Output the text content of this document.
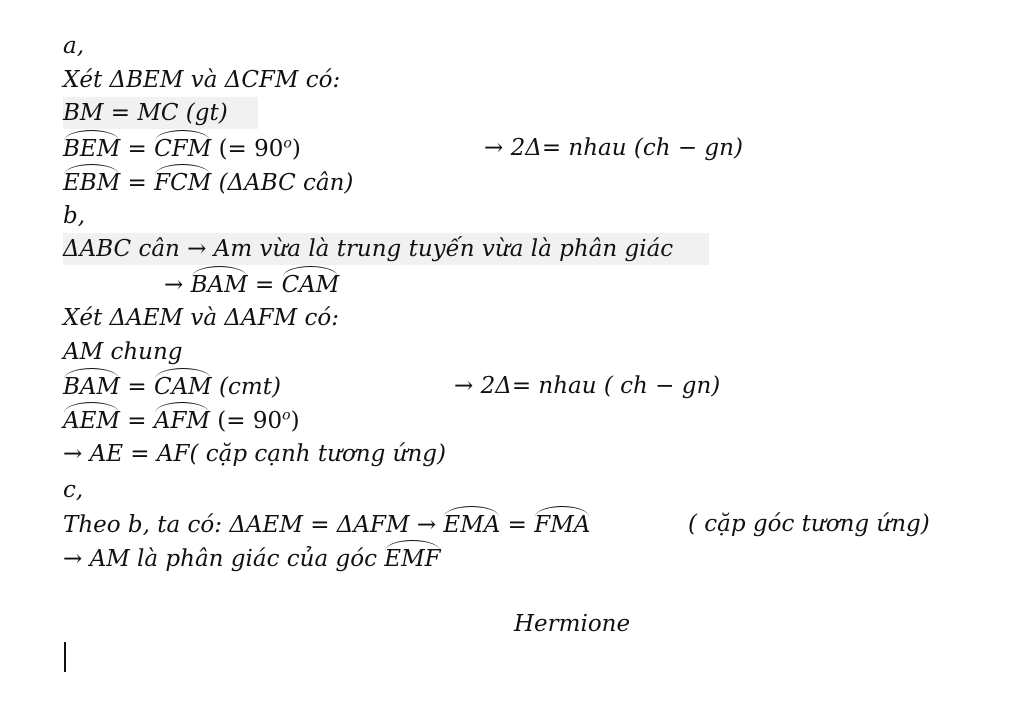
a,
Xét ΔBEM và ΔCFM có:
BM = MC (gt)
BEM = CFM (= $90^o$)	→ 2Δ= nhau (ch − gn)
EBM = FCM (ΔABC cân)
b,
ΔABC cân → Am vừa là trung tuyến vừa là phân giác
→ BAM = CAM
Xét ΔAEM và ΔAFM có:
AM chung
BAM = CAM (cmt)	→ 2Δ= nhau ( ch − gn)
AEM = AFM (= $90^o$)
→ AE = AF( cặp cạnh tương ứng)
c,
Theo b, ta có: ΔAEM = ΔAFM → EMA = FMA	( cặp góc tương ứng)
→ AM là phân giác của góc EMF
Hermione
